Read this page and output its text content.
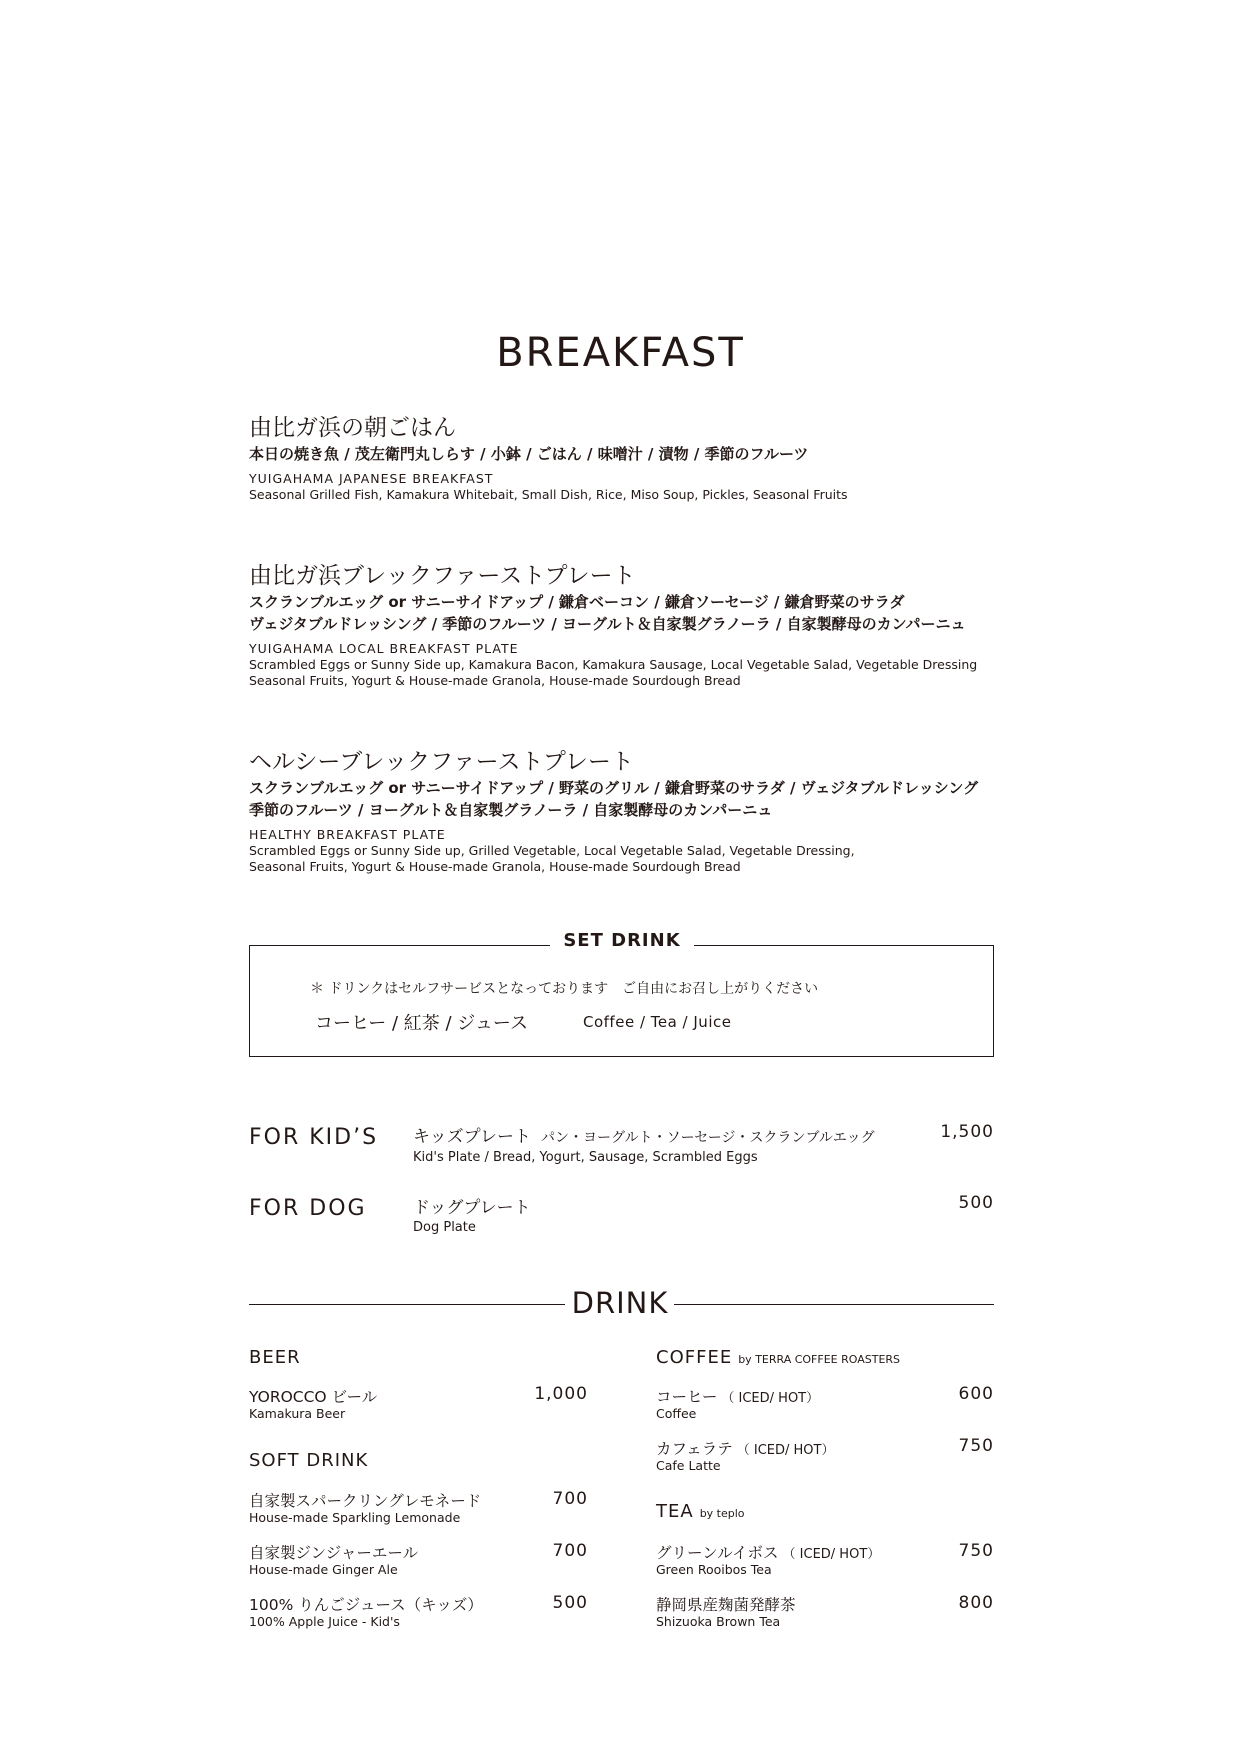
BREAKFAST
由比ガ浜の朝ごはん
本日の焼き魚 / 茂左衛門丸しらす / 小鉢 / ごはん / 味噌汁 / 漬物 / 季節のフルーツ
YUIGAHAMA JAPANESE BREAKFAST
Seasonal Grilled Fish, Kamakura Whitebait, Small Dish, Rice, Miso Soup, Pickles, Seasonal Fruits
由比ガ浜ブレックファーストプレート
スクランブルエッグ or サニーサイドアップ / 鎌倉ベーコン / 鎌倉ソーセージ / 鎌倉野菜のサラダ
ヴェジタブルドレッシング / 季節のフルーツ / ヨーグルト＆自家製グラノーラ / 自家製酵母のカンパーニュ
YUIGAHAMA LOCAL BREAKFAST PLATE
Scrambled Eggs or Sunny Side up, Kamakura Bacon, Kamakura Sausage, Local Vegetable Salad, Vegetable Dressing
Seasonal Fruits, Yogurt & House-made Granola, House-made Sourdough Bread
ヘルシーブレックファーストプレート
スクランブルエッグ or サニーサイドアップ / 野菜のグリル / 鎌倉野菜のサラダ / ヴェジタブルドレッシング
季節のフルーツ / ヨーグルト＆自家製グラノーラ / 自家製酵母のカンパーニュ
HEALTHY BREAKFAST PLATE
Scrambled Eggs or Sunny Side up, Grilled Vegetable, Local Vegetable Salad, Vegetable Dressing,
Seasonal Fruits, Yogurt & House-made Granola, House-made Sourdough Bread
SET DRINK
＊ ドリンクはセルフサービスとなっております　ご自由にお召し上がりください
コーヒー / 紅茶 / ジュース	Coffee / Tea / Juice
FOR KID’S キッズプレート パン・ヨーグルト・ソーセージ・スクランブルエッグ
Kid's Plate / Bread, Yogurt, Sausage, Scrambled Eggs
1,500
FOR DOG	ドッグプレート
Dog Plate
500
DRINK
BEER
YOROCCO ビール
Kamakura Beer
1,000
SOFT DRINK
自家製スパークリングレモネード
House-made Sparkling Lemonade
700
自家製ジンジャーエール
House-made Ginger Ale
700
100% りんごジュース（キッズ）
100% Apple Juice - Kid's
500
COFFEE by TERRA COFFEE ROASTERS
コーヒー （ ICED/ HOT）
Coffee
600
カフェラテ （ ICED/ HOT）
Cafe Latte
750
TEA by teplo
グリーンルイボス （ ICED/ HOT）
Green Rooibos Tea
750
静岡県産麹菌発酵茶
Shizuoka Brown Tea
800
